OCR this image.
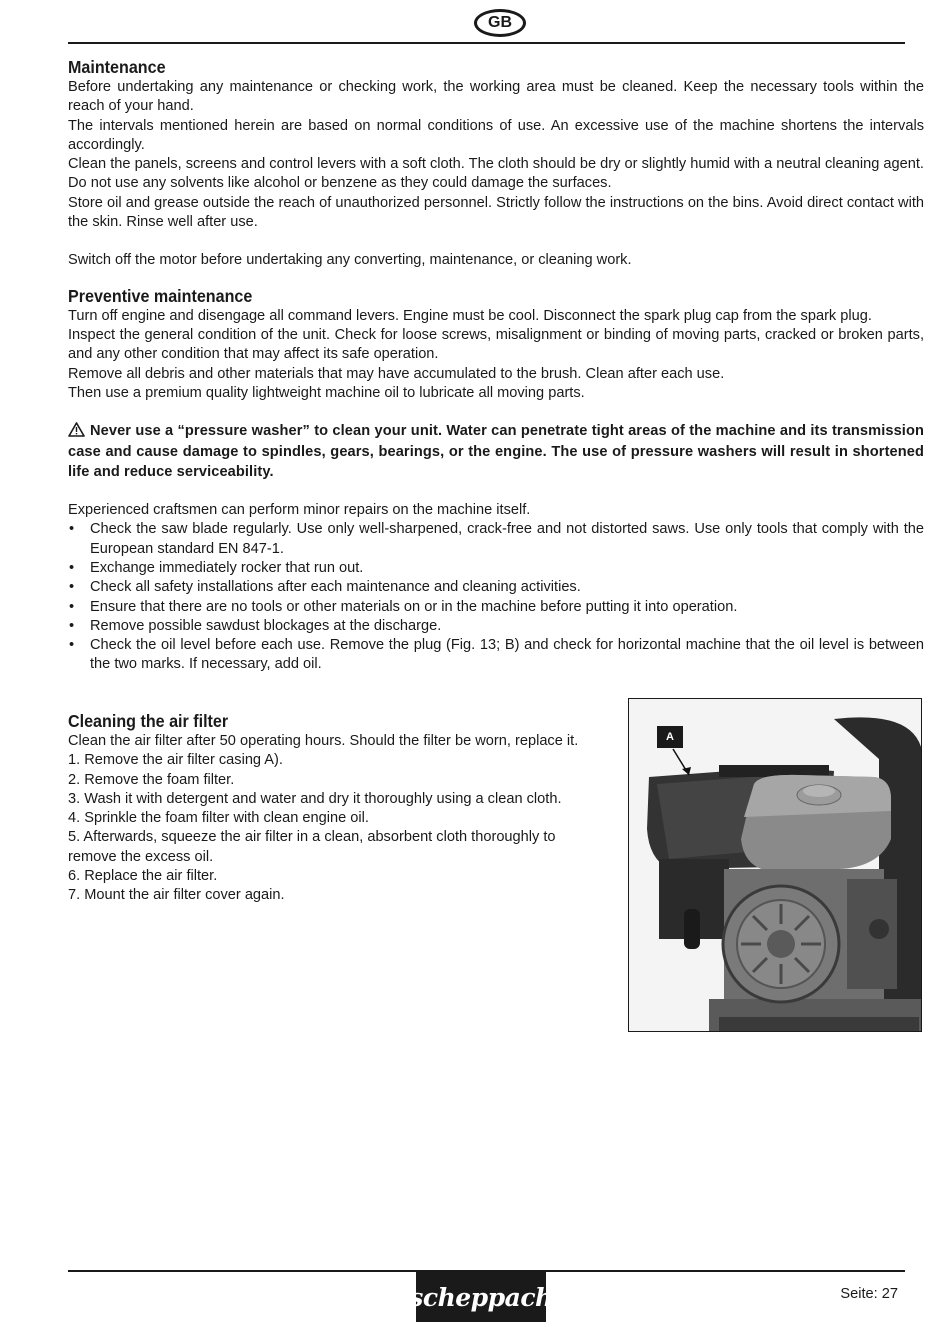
GB
Maintenance

Before undertaking any maintenance or checking work, the working area must be cleaned. Keep the necessary tools within the reach of your hand.

The intervals mentioned herein are based on normal conditions of use. An excessive use of the machine shortens the intervals accordingly.

Clean the panels, screens and control levers with a soft cloth. The cloth should be dry or slightly humid with a neutral cleaning agent. Do not use any solvents like alcohol or benzene as they could damage the surfaces.

Store oil and grease outside the reach of unauthorized personnel. Strictly follow the instructions on the bins. Avoid direct contact with the skin. Rinse well after use.

Switch off the motor before undertaking any converting, maintenance, or cleaning work.

Preventive maintenance

Turn off engine and disengage all command levers. Engine must be cool. Disconnect the spark plug cap from the spark plug.

Inspect the general condition of the unit. Check for loose screws, misalignment or binding of moving parts, cracked or broken parts, and any other condition that may affect its safe operation.

Remove all debris and other materials that may have accumulated to the brush. Clean after each use.

Then use a premium quality lightweight machine oil to lubricate all moving parts.

Never use a “pressure washer” to clean your unit. Water can penetrate tight areas of the machine and its transmission case and cause damage to spindles, gears, bearings, or the engine. The use of pressure washers will result in shortened life and reduce serviceability.

Experienced craftsmen can perform minor repairs on the machine itself.

• Check the saw blade regularly. Use only well-sharpened, crack-free and not distorted saws. Use only tools that comply with the European standard EN 847-1.
• Exchange immediately rocker that run out.
• Check all safety installations after each maintenance and cleaning activities.
• Ensure that there are no tools or other materials on or in the machine before putting it into operation.
• Remove possible sawdust blockages at the discharge.
• Check the oil level before each use. Remove the plug (Fig. 13; B) and check for horizontal machine that the oil level is between the two marks. If necessary, add oil.
Cleaning the air filter

Clean the air filter after 50 operating hours. Should the filter be worn, replace it.

1. Remove the air filter casing A).

2. Remove the foam filter.

3. Wash it with detergent and water and dry it thoroughly using a clean cloth.

4. Sprinkle the foam filter with clean engine oil.

5. Afterwards, squeeze the air filter in a clean, absorbent cloth thoroughly to remove the excess oil.

6. Replace the air filter.

7. Mount the air filter cover again.

A
scheppach	Seite: 27
